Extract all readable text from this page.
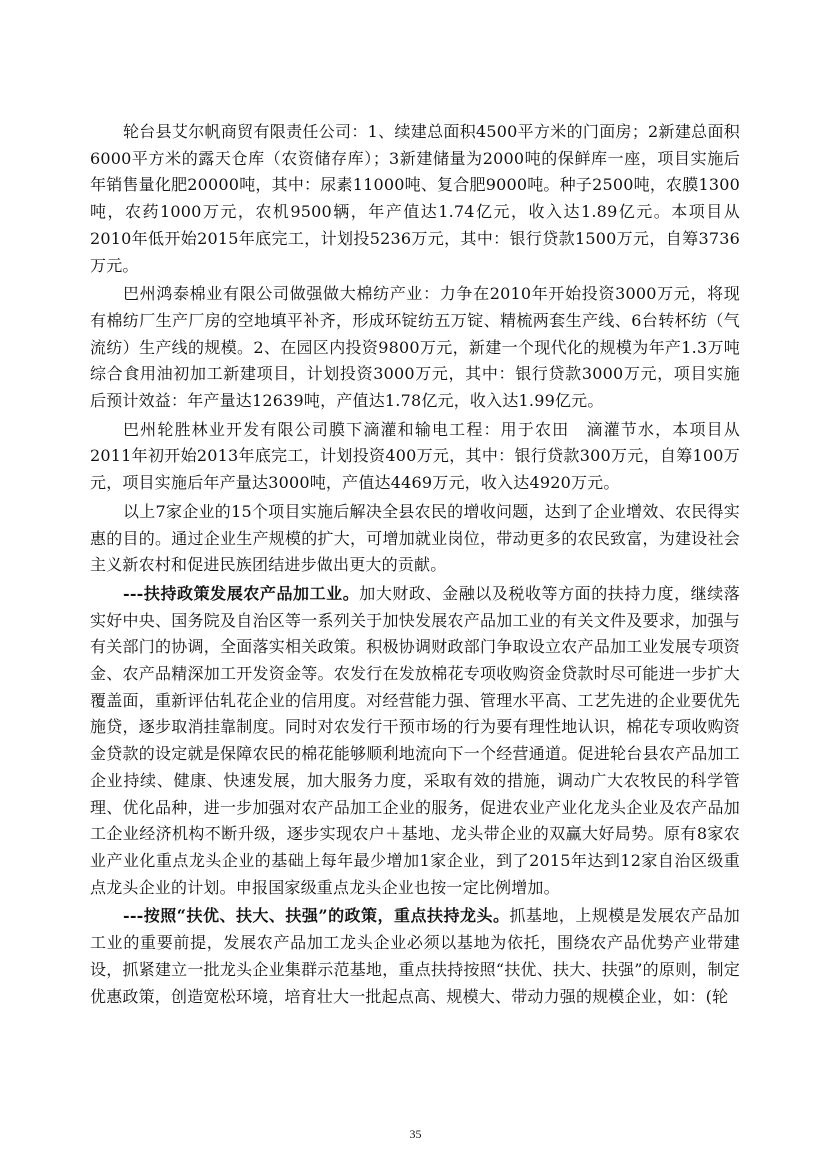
轮台县艾尔帆商贸有限责任公司：1、续建总面积4500平方米的门面房；2新建总面积6000平方米的露天仓库（农资储存库）；3新建储量为2000吨的保鲜库一座，项目实施后年销售量化肥20000吨，其中：尿素11000吨、复合肥9000吨。种子2500吨，农膜1300吨，农药1000万元，农机9500辆，年产值达1.74亿元，收入达1.89亿元。本项目从2010年低开始2015年底完工，计划投5236万元，其中：银行贷款1500万元，自筹3736万元。

巴州鸿泰棉业有限公司做强做大棉纺产业：力争在2010年开始投资3000万元，将现有棉纺厂生产厂房的空地填平补齐，形成环锭纺五万锭、精梳两套生产线、6台转杯纺（气流纺）生产线的规模。2、在园区内投资9800万元，新建一个现代化的规模为年产1.3万吨综合食用油初加工新建项目，计划投资3000万元，其中：银行贷款3000万元，项目实施后预计效益：年产量达12639吨，产值达1.78亿元，收入达1.99亿元。

巴州轮胜林业开发有限公司膜下滴灌和输电工程：用于农田　滴灌节水，本项目从2011年初开始2013年底完工，计划投资400万元，其中：银行贷款300万元，自筹100万元，项目实施后年产量达3000吨，产值达4469万元，收入达4920万元。

以上7家企业的15个项目实施后解决全县农民的增收问题，达到了企业增效、农民得实惠的目的。通过企业生产规模的扩大，可增加就业岗位，带动更多的农民致富，为建设社会主义新农村和促进民族团结进步做出更大的贡献。

---扶持政策发展农产品加工业。加大财政、金融以及税收等方面的扶持力度，继续落实好中央、国务院及自治区等一系列关于加快发展农产品加工业的有关文件及要求，加强与有关部门的协调，全面落实相关政策。积极协调财政部门争取设立农产品加工业发展专项资金、农产品精深加工开发资金等。农发行在发放棉花专项收购资金贷款时尽可能进一步扩大覆盖面，重新评估轧花企业的信用度。对经营能力强、管理水平高、工艺先进的企业要优先施贷，逐步取消挂靠制度。同时对农发行干预市场的行为要有理性地认识，棉花专项收购资金贷款的设定就是保障农民的棉花能够顺利地流向下一个经营通道。促进轮台县农产品加工企业持续、健康、快速发展，加大服务力度，采取有效的措施，调动广大农牧民的科学管理、优化品种，进一步加强对农产品加工企业的服务，促进农业产业化龙头企业及农产品加工企业经济机构不断升级，逐步实现农户＋基地、龙头带企业的双赢大好局势。原有8家农业产业化重点龙头企业的基础上每年最少增加1家企业，到了2015年达到12家自治区级重点龙头企业的计划。申报国家级重点龙头企业也按一定比例增加。

---按照“扶优、扶大、扶强”的政策，重点扶持龙头。抓基地，上规模是发展农产品加工业的重要前提，发展农产品加工龙头企业必须以基地为依托，围绕农产品优势产业带建设，抓紧建立一批龙头企业集群示范基地，重点扶持按照“扶优、扶大、扶强”的原则，制定优惠政策，创造宽松环境，培育壮大一批起点高、规模大、带动力强的规模企业，如：(轮

35
